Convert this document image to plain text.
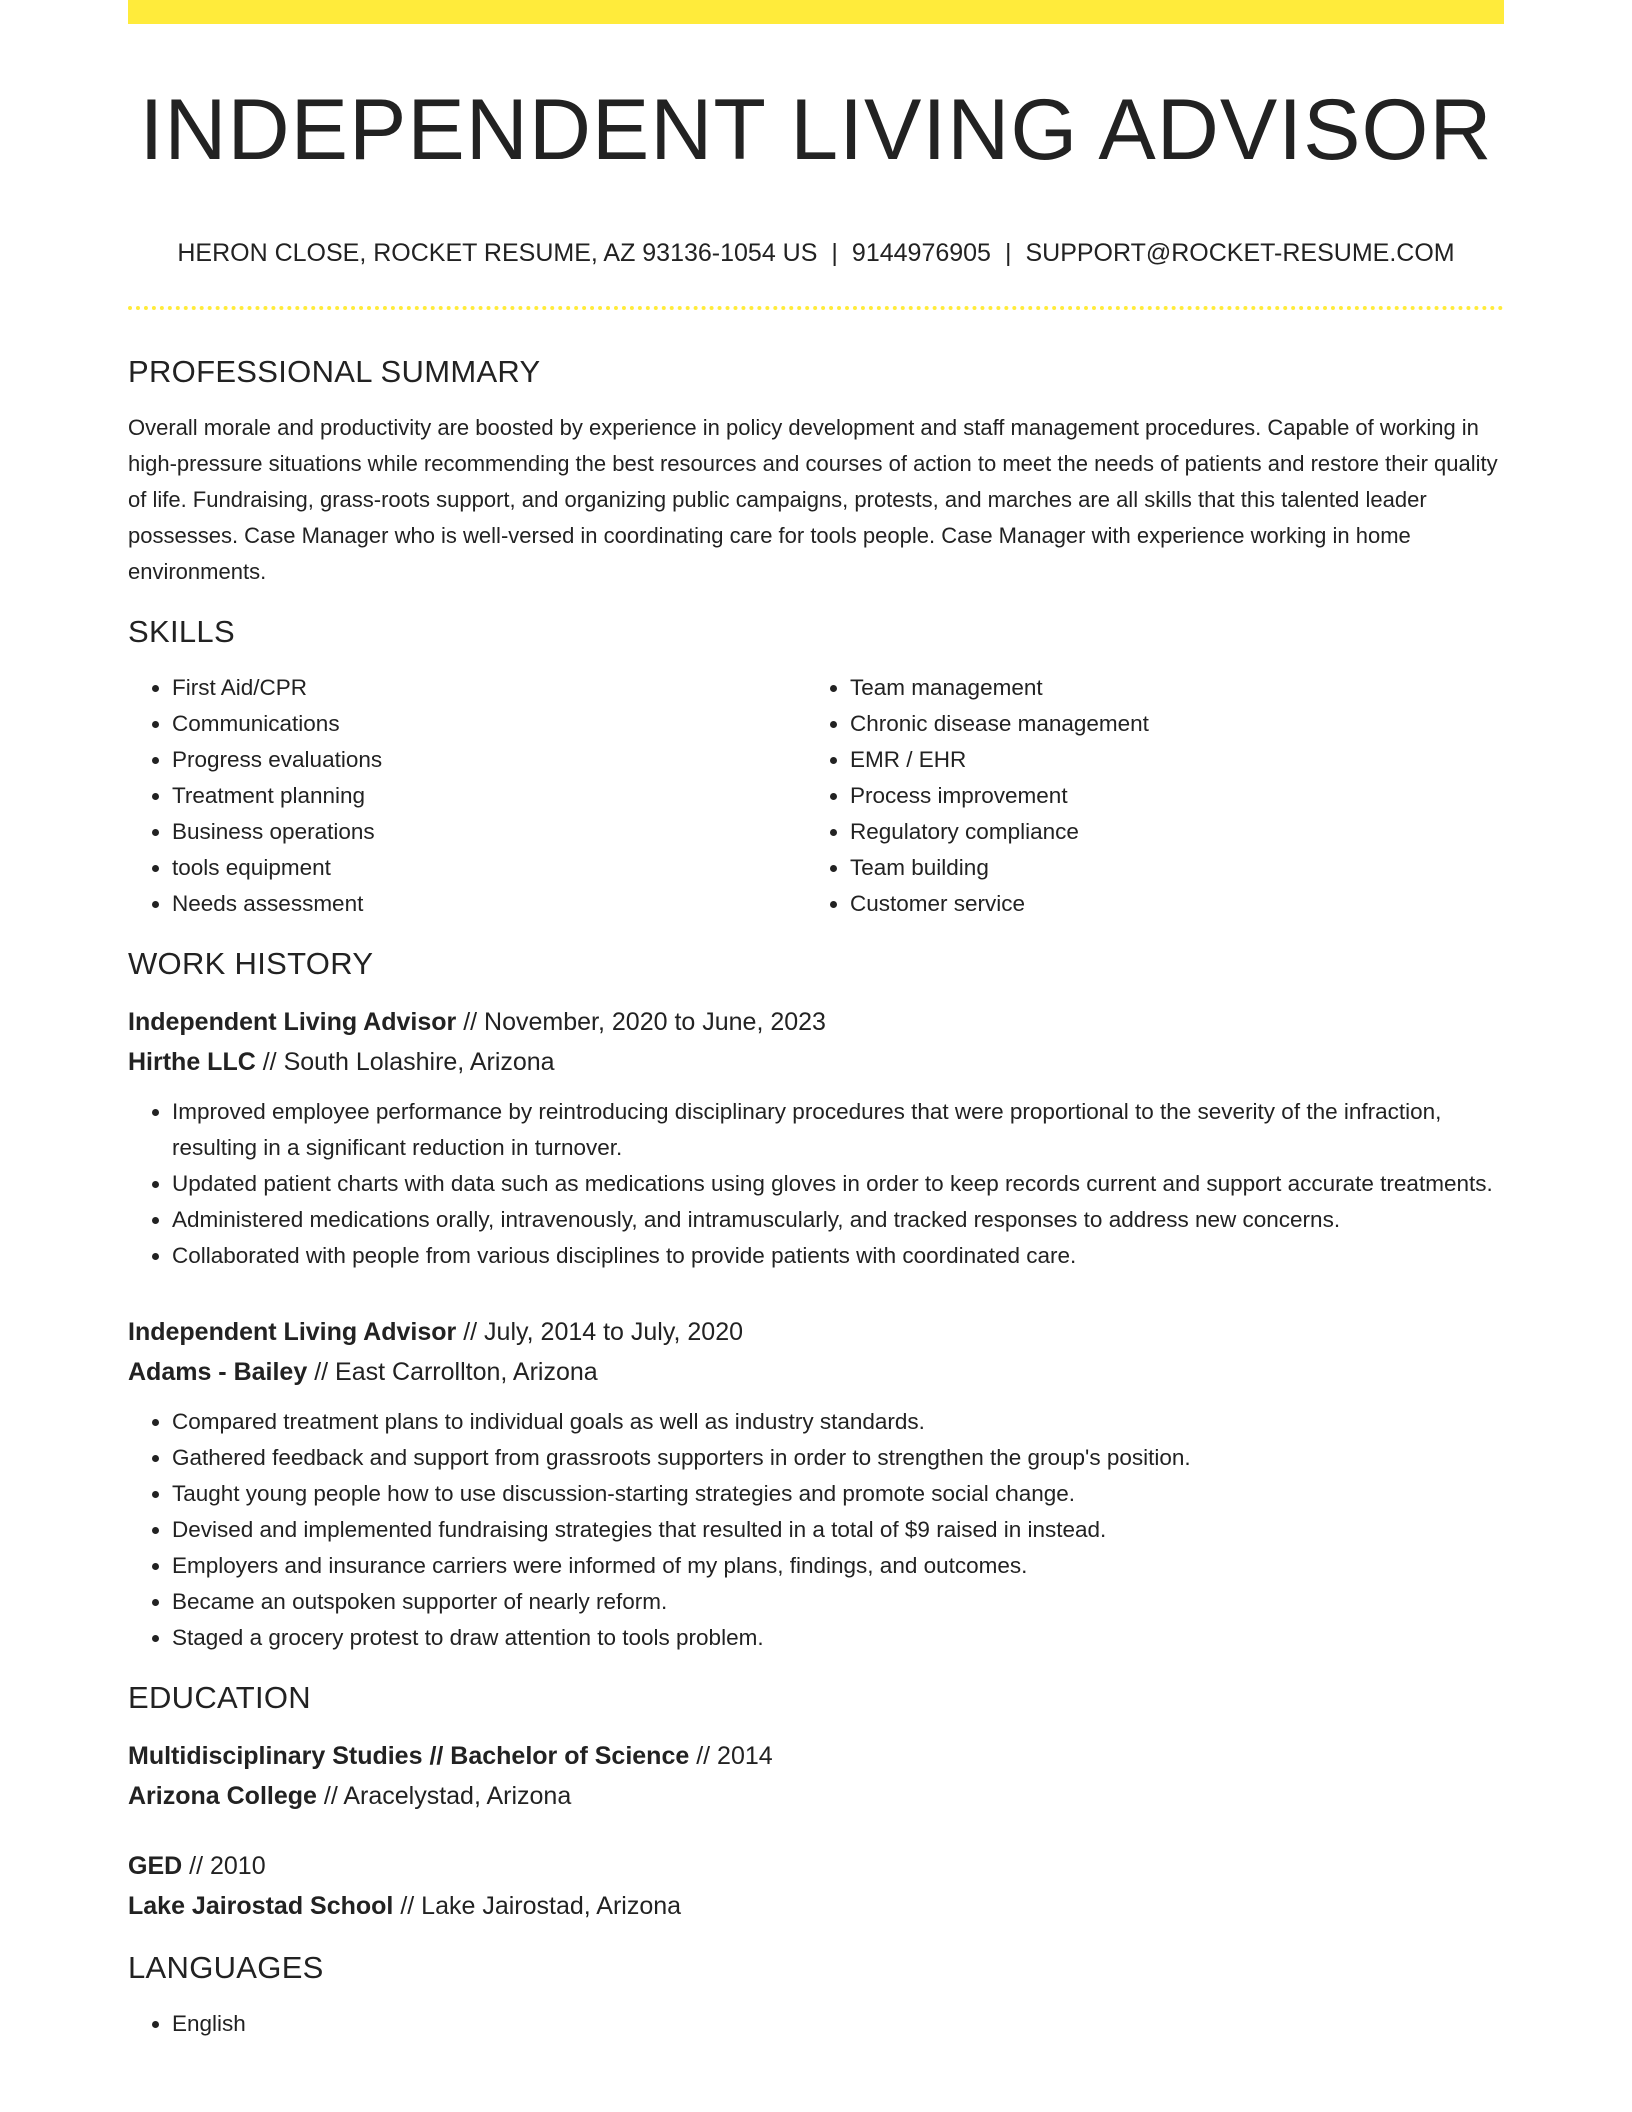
INDEPENDENT LIVING ADVISOR
HERON CLOSE, ROCKET RESUME, AZ 93136-1054 US | 9144976905 | SUPPORT@ROCKET-RESUME.COM
PROFESSIONAL SUMMARY

Overall morale and productivity are boosted by experience in policy development and staff management procedures. Capable of working in high-pressure situations while recommending the best resources and courses of action to meet the needs of patients and restore their quality of life. Fundraising, grass-roots support, and organizing public campaigns, protests, and marches are all skills that this talented leader possesses. Case Manager who is well-versed in coordinating care for tools people. Case Manager with experience working in home environments.

SKILLS
• First Aid/CPR
• Communications
• Progress evaluations
• Treatment planning
• Business operations
• tools equipment
• Needs assessment
• Team management
• Chronic disease management
• EMR / EHR
• Process improvement
• Regulatory compliance
• Team building
• Customer service
WORK HISTORY
Independent Living Advisor // November, 2020 to June, 2023
Hirthe LLC // South Lolashire, Arizona
• Improved employee performance by reintroducing disciplinary procedures that were proportional to the severity of the infraction, resulting in a significant reduction in turnover.
• Updated patient charts with data such as medications using gloves in order to keep records current and support accurate treatments.
• Administered medications orally, intravenously, and intramuscularly, and tracked responses to address new concerns.
• Collaborated with people from various disciplines to provide patients with coordinated care.
Independent Living Advisor // July, 2014 to July, 2020
Adams - Bailey // East Carrollton, Arizona
• Compared treatment plans to individual goals as well as industry standards.
• Gathered feedback and support from grassroots supporters in order to strengthen the group's position.
• Taught young people how to use discussion-starting strategies and promote social change.
• Devised and implemented fundraising strategies that resulted in a total of $9 raised in instead.
• Employers and insurance carriers were informed of my plans, findings, and outcomes.
• Became an outspoken supporter of nearly reform.
• Staged a grocery protest to draw attention to tools problem.
EDUCATION
Multidisciplinary Studies // Bachelor of Science // 2014
Arizona College // Aracelystad, Arizona
GED // 2010
Lake Jairostad School // Lake Jairostad, Arizona
LANGUAGES
• English
